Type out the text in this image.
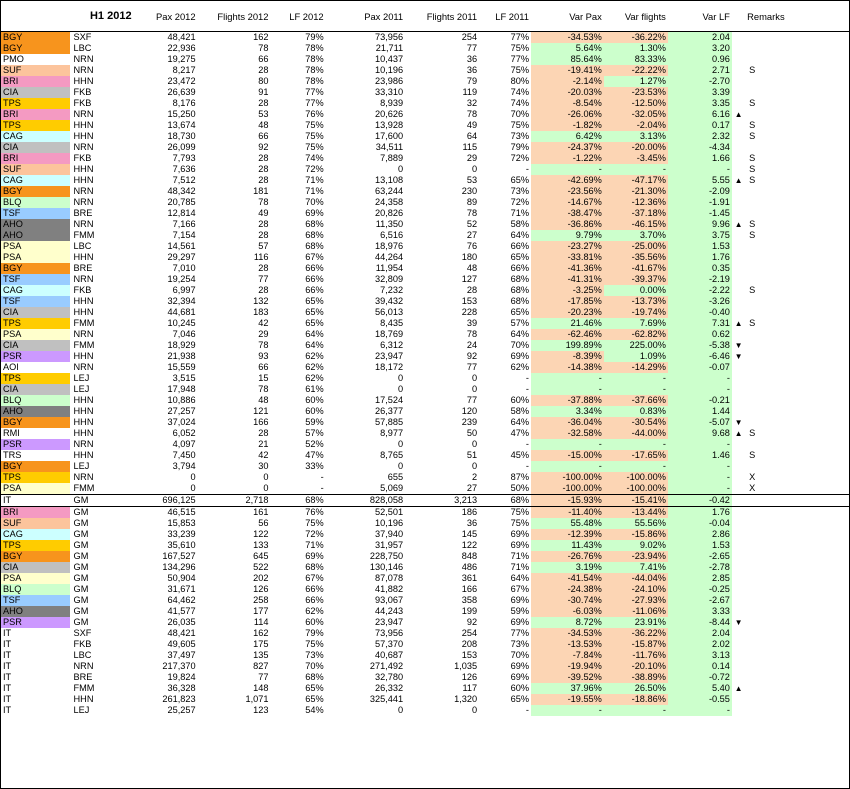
H1 2012		Pax 2012	Flights 2012	LF 2012	Pax 2011	Flights 2011	LF 2011	Var Pax	Var flights	Var LF		Remarks
BGY	SXF	48,421	162	79%	73,956	254	77%	-34.53%	-36.22%	2.04		
BGY	LBC	22,936	78	78%	21,711	77	75%	5.64%	1.30%	3.20		
PMO	NRN	19,275	66	78%	10,437	36	77%	85.64%	83.33%	0.96		
SUF	NRN	8,217	28	78%	10,196	36	75%	-19.41%	-22.22%	2.71		S
BRI	HHN	23,472	80	78%	23,986	79	80%	-2.14%	1.27%	-2.70		
CIA	FKB	26,639	91	77%	33,310	119	74%	-20.03%	-23.53%	3.39		
TPS	FKB	8,176	28	77%	8,939	32	74%	-8.54%	-12.50%	3.35		S
BRI	NRN	15,250	53	76%	20,626	78	70%	-26.06%	-32.05%	6.16	▲	
TPS	HHN	13,674	48	75%	13,928	49	75%	-1.82%	-2.04%	0.17		S
CAG	HHN	18,730	66	75%	17,600	64	73%	6.42%	3.13%	2.32		S
CIA	NRN	26,099	92	75%	34,511	115	79%	-24.37%	-20.00%	-4.34		
BRI	FKB	7,793	28	74%	7,889	29	72%	-1.22%	-3.45%	1.66		S
SUF	HHN	7,636	28	72%	0	0	-	-	-	-		S
CAG	HHN	7,512	28	71%	13,108	53	65%	-42.69%	-47.17%	5.55	▲	S
BGY	NRN	48,342	181	71%	63,244	230	73%	-23.56%	-21.30%	-2.09		
BLQ	NRN	20,785	78	70%	24,358	89	72%	-14.67%	-12.36%	-1.91		
TSF	BRE	12,814	49	69%	20,826	78	71%	-38.47%	-37.18%	-1.45		
AHO	NRN	7,166	28	68%	11,350	52	58%	-36.86%	-46.15%	9.96	▲	S
AHO	FMM	7,154	28	68%	6,516	27	64%	9.79%	3.70%	3.75		S
PSA	LBC	14,561	57	68%	18,976	76	66%	-23.27%	-25.00%	1.53		
PSA	HHN	29,297	116	67%	44,264	180	65%	-33.81%	-35.56%	1.76		
BGY	BRE	7,010	28	66%	11,954	48	66%	-41.36%	-41.67%	0.35		
TSF	NRN	19,254	77	66%	32,809	127	68%	-41.31%	-39.37%	-2.19		
CAG	FKB	6,997	28	66%	7,232	28	68%	-3.25%	0.00%	-2.22		S
TSF	HHN	32,394	132	65%	39,432	153	68%	-17.85%	-13.73%	-3.26		
CIA	HHN	44,681	183	65%	56,013	228	65%	-20.23%	-19.74%	-0.40		
TPS	FMM	10,245	42	65%	8,435	39	57%	21.46%	7.69%	7.31	▲	S
PSA	NRN	7,046	29	64%	18,769	78	64%	-62.46%	-62.82%	0.62		
CIA	FMM	18,929	78	64%	6,312	24	70%	199.89%	225.00%	-5.38	▼	
PSR	HHN	21,938	93	62%	23,947	92	69%	-8.39%	1.09%	-6.46	▼	
AOI	NRN	15,559	66	62%	18,172	77	62%	-14.38%	-14.29%	-0.07		
TPS	LEJ	3,515	15	62%	0	0	-	-	-	-		
CIA	LEJ	17,948	78	61%	0	0	-	-	-	-		
BLQ	HHN	10,886	48	60%	17,524	77	60%	-37.88%	-37.66%	-0.21		
AHO	HHN	27,257	121	60%	26,377	120	58%	3.34%	0.83%	1.44		
BGY	HHN	37,024	166	59%	57,885	239	64%	-36.04%	-30.54%	-5.07	▼	
RMI	HHN	6,052	28	57%	8,977	50	47%	-32.58%	-44.00%	9.68	▲	S
PSR	NRN	4,097	21	52%	0	0	-	-	-	-		
TRS	HHN	7,450	42	47%	8,765	51	45%	-15.00%	-17.65%	1.46		S
BGY	LEJ	3,794	30	33%	0	0	-	-	-	-		
TPS	NRN	0	0	-	655	2	87%	-100.00%	-100.00%	-		X
PSA	FMM	0	0	-	5,069	27	50%	-100.00%	-100.00%	-		X
IT	GM	696,125	2,718	68%	828,058	3,213	68%	-15.93%	-15.41%	-0.42		
BRI	GM	46,515	161	76%	52,501	186	75%	-11.40%	-13.44%	1.76		
SUF	GM	15,853	56	75%	10,196	36	75%	55.48%	55.56%	-0.04		
CAG	GM	33,239	122	72%	37,940	145	69%	-12.39%	-15.86%	2.86		
TPS	GM	35,610	133	71%	31,957	122	69%	11.43%	9.02%	1.53		
BGY	GM	167,527	645	69%	228,750	848	71%	-26.76%	-23.94%	-2.65		
CIA	GM	134,296	522	68%	130,146	486	71%	3.19%	7.41%	-2.78		
PSA	GM	50,904	202	67%	87,078	361	64%	-41.54%	-44.04%	2.85		
BLQ	GM	31,671	126	66%	41,882	166	67%	-24.38%	-24.10%	-0.25		
TSF	GM	64,462	258	66%	93,067	358	69%	-30.74%	-27.93%	-2.67		
AHO	GM	41,577	177	62%	44,243	199	59%	-6.03%	-11.06%	3.33		
PSR	GM	26,035	114	60%	23,947	92	69%	8.72%	23.91%	-8.44	▼	
IT	SXF	48,421	162	79%	73,956	254	77%	-34.53%	-36.22%	2.04		
IT	FKB	49,605	175	75%	57,370	208	73%	-13.53%	-15.87%	2.02		
IT	LBC	37,497	135	73%	40,687	153	70%	-7.84%	-11.76%	3.13		
IT	NRN	217,370	827	70%	271,492	1,035	69%	-19.94%	-20.10%	0.14		
IT	BRE	19,824	77	68%	32,780	126	69%	-39.52%	-38.89%	-0.72		
IT	FMM	36,328	148	65%	26,332	117	60%	37.96%	26.50%	5.40	▲	
IT	HHN	261,823	1,071	65%	325,441	1,320	65%	-19.55%	-18.86%	-0.55		
IT	LEJ	25,257	123	54%	0	0	-	-	-	-		
